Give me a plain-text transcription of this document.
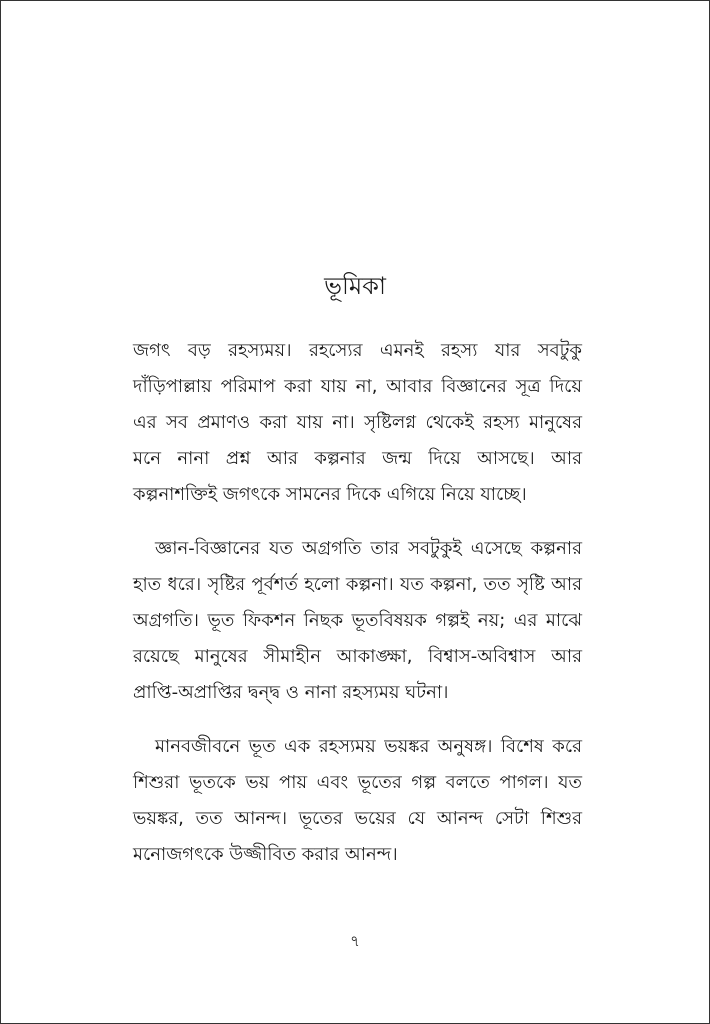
ভূমিকা

জগৎ বড় রহস্যময়। রহস্যের এমনই রহস্য যার সবটুকু দাঁড়িপাল্লায় পরিমাপ করা যায় না, আবার বিজ্ঞানের সূত্র দিয়ে এর সব প্রমাণও করা যায় না। সৃষ্টিলগ্ন থেকেই রহস্য মানুষের মনে নানা প্রশ্ন আর কল্পনার জন্ম দিয়ে আসছে। আর কল্পনাশক্তিই জগৎকে সামনের দিকে এগিয়ে নিয়ে যাচ্ছে।

জ্ঞান-বিজ্ঞানের যত অগ্রগতি তার সবটুকুই এসেছে কল্পনার হাত ধরে। সৃষ্টির পূর্বশর্ত হলো কল্পনা। যত কল্পনা, তত সৃষ্টি আর অগ্রগতি। ভূত ফিকশন নিছক ভূতবিষয়ক গল্পই নয়; এর মাঝে রয়েছে মানুষের সীমাহীন আকাঙ্ক্ষা, বিশ্বাস-অবিশ্বাস আর প্রাপ্তি-অপ্রাপ্তির দ্বন্দ্ব ও নানা রহস্যময় ঘটনা।

মানবজীবনে ভূত এক রহস্যময় ভয়ঙ্কর অনুষঙ্গ। বিশেষ করে শিশুরা ভূতকে ভয় পায় এবং ভূতের গল্প বলতে পাগল। যত ভয়ঙ্কর, তত আনন্দ। ভূতের ভয়ের যে আনন্দ সেটা শিশুর মনোজগৎকে উজ্জীবিত করার আনন্দ।

৭
